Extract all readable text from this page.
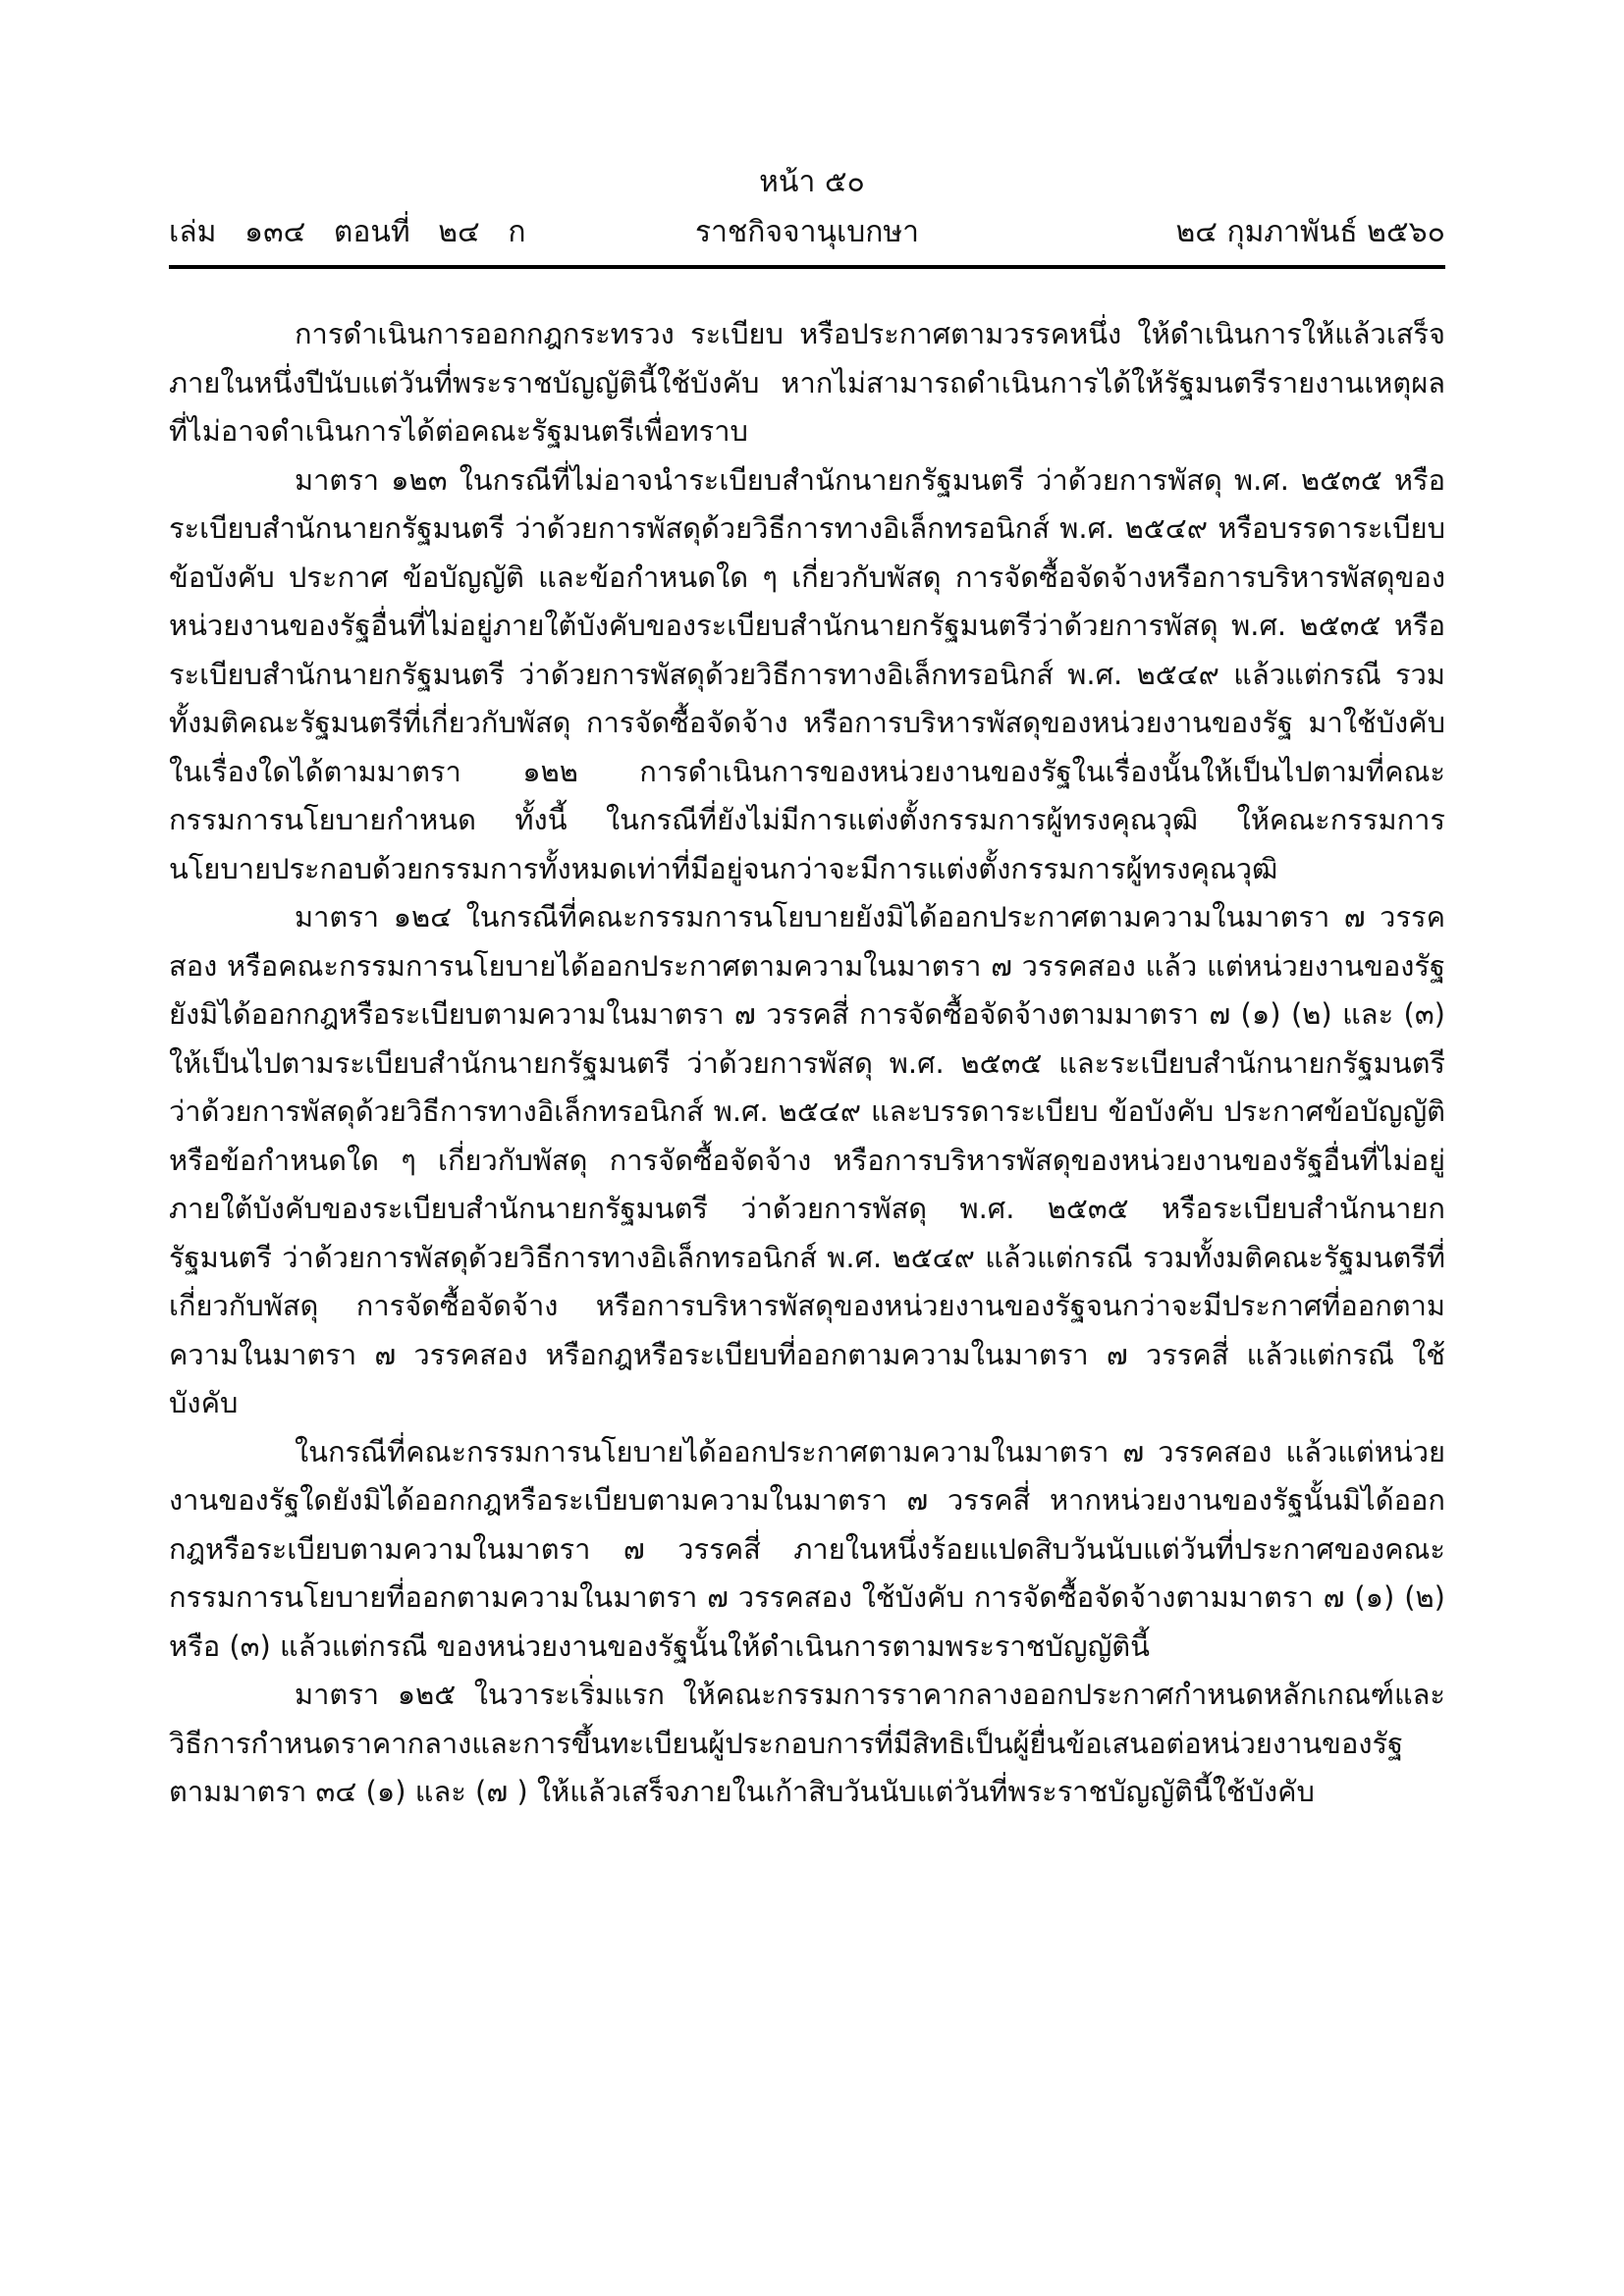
หน้า ๕๐
ราชกิจจานุเบกษา
เล่ม   ๑๓๔   ตอนที่   ๒๔   ก	๒๔ กุมภาพันธ์ ๒๕๖๐

การดำเนินการออกกฎกระทรวง ระเบียบ หรือประกาศตามวรรคหนึ่ง ให้ดำเนินการให้แล้วเสร็จภายในหนึ่งปีนับแต่วันที่พระราชบัญญัตินี้ใช้บังคับ หากไม่สามารถดำเนินการได้ให้รัฐมนตรีรายงานเหตุผลที่ไม่อาจดำเนินการได้ต่อคณะรัฐมนตรีเพื่อทราบ

มาตรา ๑๒๓ ในกรณีที่ไม่อาจนำระเบียบสำนักนายกรัฐมนตรี ว่าด้วยการพัสดุ พ.ศ. ๒๕๓๕ หรือระเบียบสำนักนายกรัฐมนตรี ว่าด้วยการพัสดุด้วยวิธีการทางอิเล็กทรอนิกส์ พ.ศ. ๒๕๔๙ หรือบรรดาระเบียบ ข้อบังคับ ประกาศ ข้อบัญญัติ และข้อกำหนดใด ๆ เกี่ยวกับพัสดุ การจัดซื้อจัดจ้างหรือการบริหารพัสดุของหน่วยงานของรัฐอื่นที่ไม่อยู่ภายใต้บังคับของระเบียบสำนักนายกรัฐมนตรีว่าด้วยการพัสดุ พ.ศ. ๒๕๓๕ หรือระเบียบสำนักนายกรัฐมนตรี ว่าด้วยการพัสดุด้วยวิธีการทางอิเล็กทรอนิกส์ พ.ศ. ๒๕๔๙ แล้วแต่กรณี รวมทั้งมติคณะรัฐมนตรีที่เกี่ยวกับพัสดุ การจัดซื้อจัดจ้าง หรือการบริหารพัสดุของหน่วยงานของรัฐ มาใช้บังคับในเรื่องใดได้ตามมาตรา ๑๒๒ การดำเนินการของหน่วยงานของรัฐในเรื่องนั้นให้เป็นไปตามที่คณะกรรมการนโยบายกำหนด ทั้งนี้ ในกรณีที่ยังไม่มีการแต่งตั้งกรรมการผู้ทรงคุณวุฒิ ให้คณะกรรมการนโยบายประกอบด้วยกรรมการทั้งหมดเท่าที่มีอยู่จนกว่าจะมีการแต่งตั้งกรรมการผู้ทรงคุณวุฒิ

มาตรา ๑๒๔ ในกรณีที่คณะกรรมการนโยบายยังมิได้ออกประกาศตามความในมาตรา ๗ วรรคสอง หรือคณะกรรมการนโยบายได้ออกประกาศตามความในมาตรา ๗ วรรคสอง แล้ว แต่หน่วยงานของรัฐยังมิได้ออกกฎหรือระเบียบตามความในมาตรา ๗ วรรคสี่ การจัดซื้อจัดจ้างตามมาตรา ๗ (๑) (๒) และ (๓) ให้เป็นไปตามระเบียบสำนักนายกรัฐมนตรี ว่าด้วยการพัสดุ พ.ศ. ๒๕๓๕ และระเบียบสำนักนายกรัฐมนตรีว่าด้วยการพัสดุด้วยวิธีการทางอิเล็กทรอนิกส์ พ.ศ. ๒๕๔๙ และบรรดาระเบียบ ข้อบังคับ ประกาศข้อบัญญัติ หรือข้อกำหนดใด ๆ เกี่ยวกับพัสดุ การจัดซื้อจัดจ้าง หรือการบริหารพัสดุของหน่วยงานของรัฐอื่นที่ไม่อยู่ภายใต้บังคับของระเบียบสำนักนายกรัฐมนตรี ว่าด้วยการพัสดุ พ.ศ. ๒๕๓๕ หรือระเบียบสำนักนายกรัฐมนตรี ว่าด้วยการพัสดุด้วยวิธีการทางอิเล็กทรอนิกส์ พ.ศ. ๒๕๔๙ แล้วแต่กรณี รวมทั้งมติคณะรัฐมนตรีที่เกี่ยวกับพัสดุ การจัดซื้อจัดจ้าง หรือการบริหารพัสดุของหน่วยงานของรัฐจนกว่าจะมีประกาศที่ออกตามความในมาตรา ๗ วรรคสอง หรือกฎหรือระเบียบที่ออกตามความในมาตรา ๗ วรรคสี่ แล้วแต่กรณี ใช้บังคับ

ในกรณีที่คณะกรรมการนโยบายได้ออกประกาศตามความในมาตรา ๗ วรรคสอง แล้วแต่หน่วยงานของรัฐใดยังมิได้ออกกฎหรือระเบียบตามความในมาตรา ๗ วรรคสี่ หากหน่วยงานของรัฐนั้นมิได้ออกกฎหรือระเบียบตามความในมาตรา ๗ วรรคสี่ ภายในหนึ่งร้อยแปดสิบวันนับแต่วันที่ประกาศของคณะกรรมการนโยบายที่ออกตามความในมาตรา ๗ วรรคสอง ใช้บังคับ การจัดซื้อจัดจ้างตามมาตรา ๗ (๑) (๒) หรือ (๓) แล้วแต่กรณี ของหน่วยงานของรัฐนั้นให้ดำเนินการตามพระราชบัญญัตินี้

มาตรา ๑๒๕ ในวาระเริ่มแรก ให้คณะกรรมการราคากลางออกประกาศกำหนดหลักเกณฑ์และวิธีการกำหนดราคากลางและการขึ้นทะเบียนผู้ประกอบการที่มีสิทธิเป็นผู้ยื่นข้อเสนอต่อหน่วยงานของรัฐตามมาตรา ๓๔ (๑) และ (๗ ) ให้แล้วเสร็จภายในเก้าสิบวันนับแต่วันที่พระราชบัญญัตินี้ใช้บังคับ
